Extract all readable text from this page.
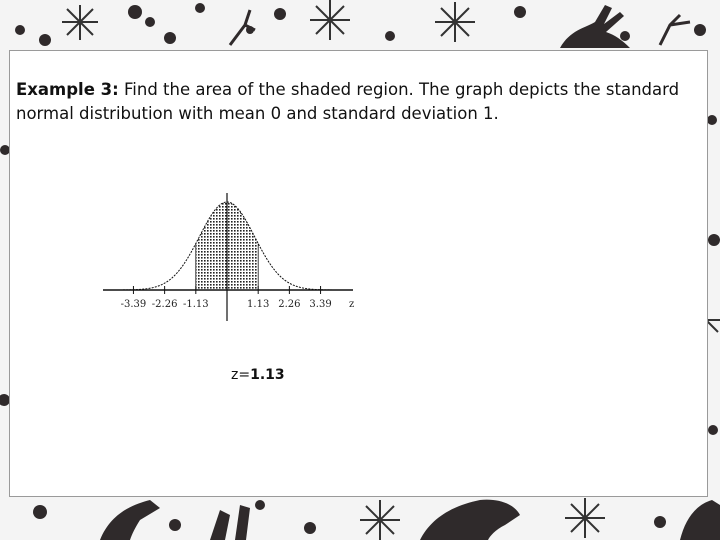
Example 3: Find the area of the shaded region. The graph depicts the standard normal distribution with mean 0 and standard deviation 1.
-3.39 -2.26 -1.13	1.13 2.26 3.39 z
z=1.13
